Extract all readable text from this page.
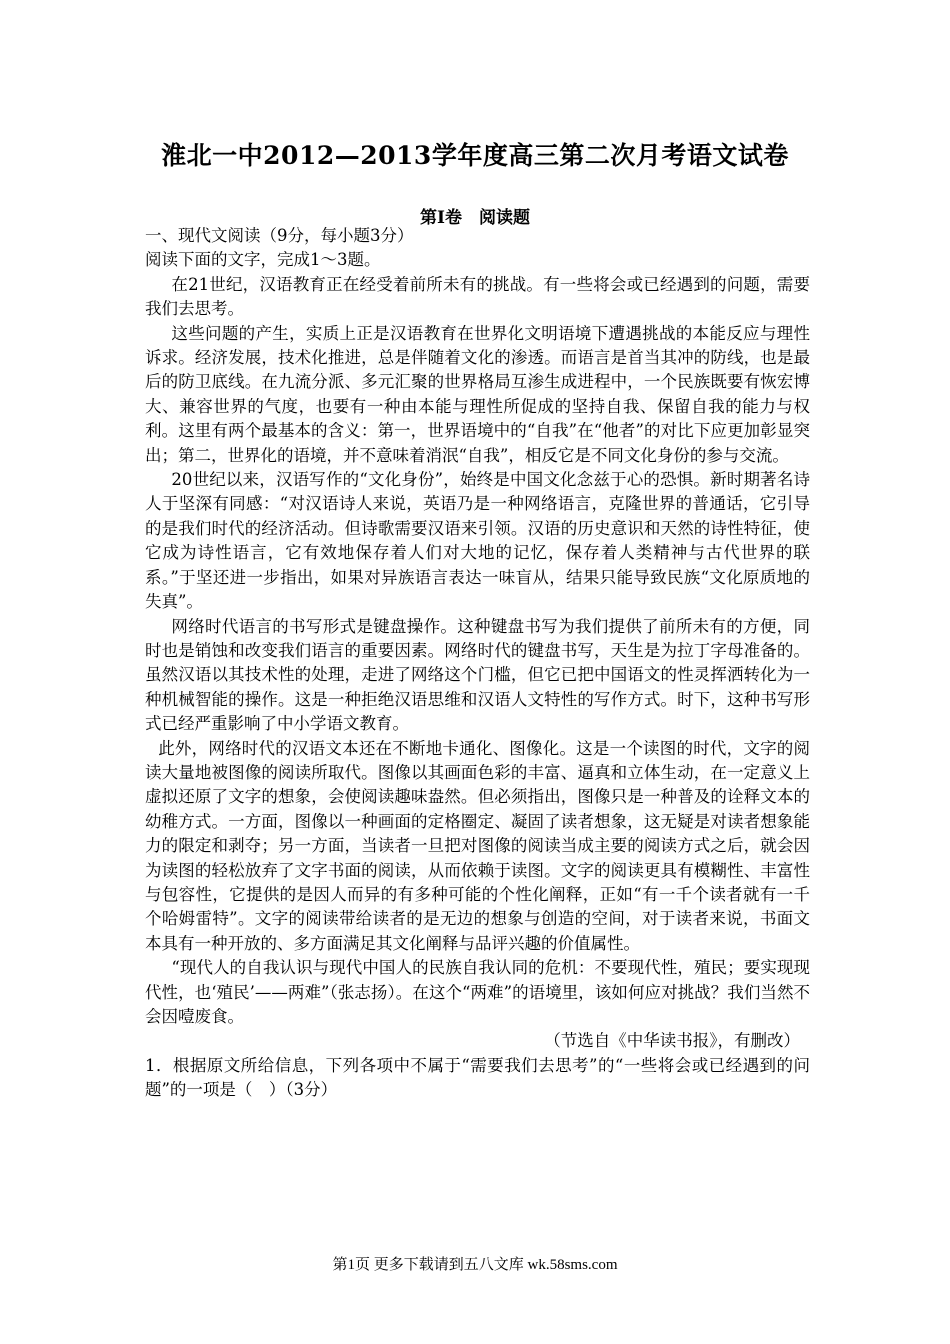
淮北一中2012—2013学年度高三第二次月考语文试卷
第Ⅰ卷　阅读题

一、现代文阅读（9分，每小题3分）

阅读下面的文字，完成1～3题。

在21世纪，汉语教育正在经受着前所未有的挑战。有一些将会或已经遇到的问题，需要我们去思考。

这些问题的产生，实质上正是汉语教育在世界化文明语境下遭遇挑战的本能反应与理性诉求。经济发展，技术化推进，总是伴随着文化的渗透。而语言是首当其冲的防线，也是最后的防卫底线。在九流分派、多元汇聚的世界格局互渗生成进程中，一个民族既要有恢宏博大、兼容世界的气度，也要有一种由本能与理性所促成的坚持自我、保留自我的能力与权利。这里有两个最基本的含义：第一，世界语境中的“自我”在“他者”的对比下应更加彰显突出；第二，世界化的语境，并不意味着消泯“自我”，相反它是不同文化身份的参与交流。

20世纪以来，汉语写作的“文化身份”，始终是中国文化念兹于心的恐惧。新时期著名诗人于坚深有同感：“对汉语诗人来说，英语乃是一种网络语言，克隆世界的普通话，它引导的是我们时代的经济活动。但诗歌需要汉语来引领。汉语的历史意识和天然的诗性特征，使它成为诗性语言，它有效地保存着人们对大地的记忆，保存着人类精神与古代世界的联系。”于坚还进一步指出，如果对异族语言表达一味盲从，结果只能导致民族“文化原质地的失真”。

网络时代语言的书写形式是键盘操作。这种键盘书写为我们提供了前所未有的方便，同时也是销蚀和改变我们语言的重要因素。网络时代的键盘书写，天生是为拉丁字母准备的。虽然汉语以其技术性的处理，走进了网络这个门槛，但它已把中国语文的性灵挥洒转化为一种机械智能的操作。这是一种拒绝汉语思维和汉语人文特性的写作方式。时下，这种书写形式已经严重影响了中小学语文教育。

此外，网络时代的汉语文本还在不断地卡通化、图像化。这是一个读图的时代，文字的阅读大量地被图像的阅读所取代。图像以其画面色彩的丰富、逼真和立体生动，在一定意义上虚拟还原了文字的想象，会使阅读趣味盎然。但必须指出，图像只是一种普及的诠释文本的幼稚方式。一方面，图像以一种画面的定格圈定、凝固了读者想象，这无疑是对读者想象能力的限定和剥夺；另一方面，当读者一旦把对图像的阅读当成主要的阅读方式之后，就会因为读图的轻松放弃了文字书面的阅读，从而依赖于读图。文字的阅读更具有模糊性、丰富性与包容性，它提供的是因人而异的有多种可能的个性化阐释，正如“有一千个读者就有一千个哈姆雷特”。文字的阅读带给读者的是无边的想象与创造的空间，对于读者来说，书面文本具有一种开放的、多方面满足其文化阐释与品评兴趣的价值属性。

“现代人的自我认识与现代中国人的民族自我认同的危机：不要现代性，殖民；要实现现代性，也‘殖民’——两难”（张志扬）。在这个“两难”的语境里，该如何应对挑战？我们当然不会因噎废食。

（节选自《中华读书报》，有删改）

1．根据原文所给信息，下列各项中不属于“需要我们去思考”的“一些将会或已经遇到的问题”的一项是（　）（3分）

第1页 更多下载请到五八文库 wk.58sms.com
